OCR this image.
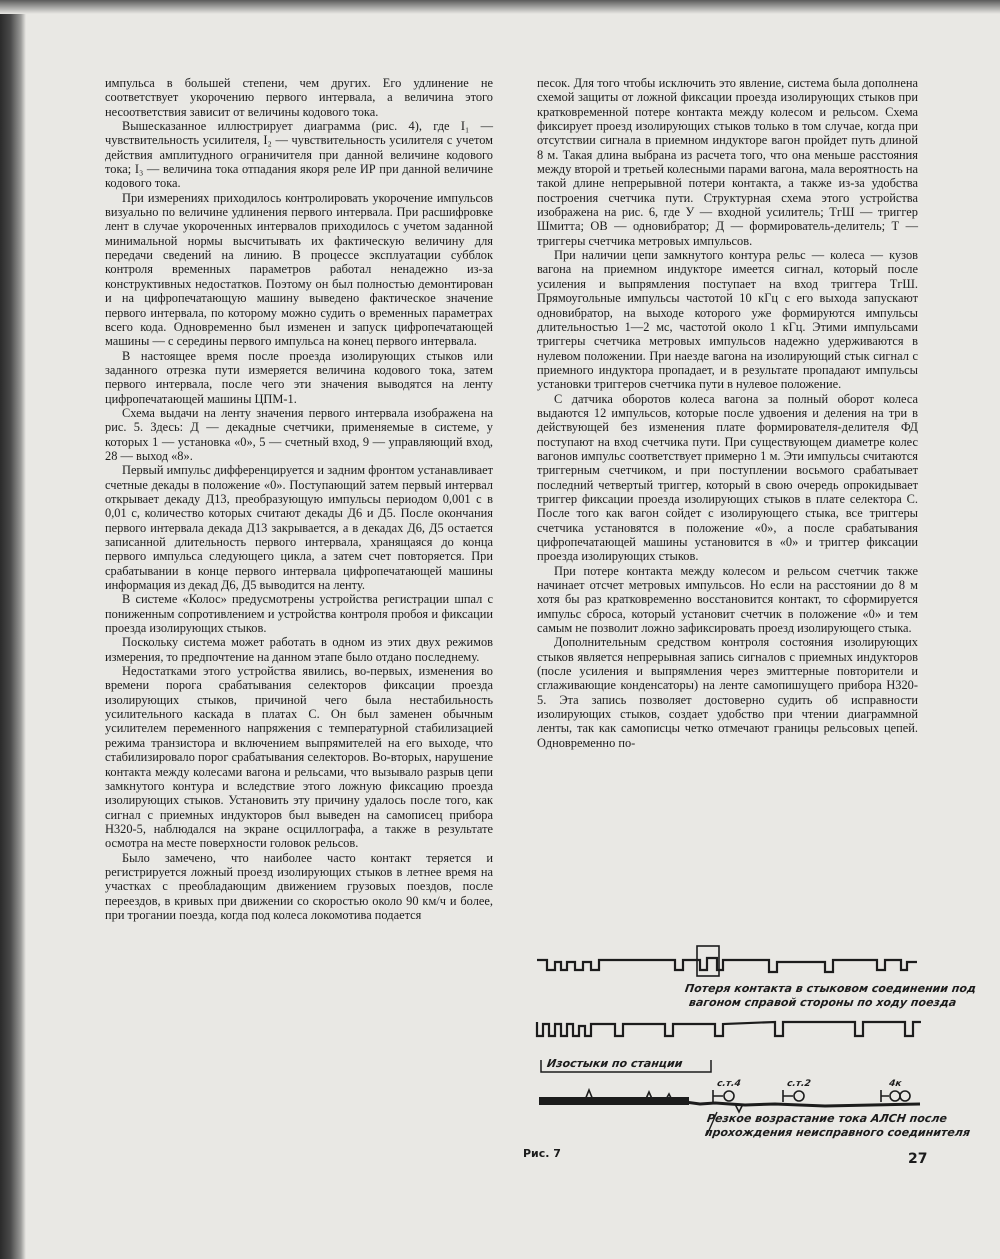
импульса в большей степени, чем других. Его удлинение не соответствует укорочению первого интервала, а величина этого несоответствия зависит от величины кодового тока.

Вышесказанное иллюстрирует диаграмма (рис. 4), где I₁ — чувствительность усилителя, I₂ — чувствительность усилителя с учетом действия амплитудного ограничителя при данной величине кодового тока; I₃ — величина тока отпадания якоря реле ИР при данной величине кодового тока.

При измерениях приходилось контролировать укорочение импульсов визуально по величине удлинения первого интервала. При расшифровке лент в случае укороченных интервалов приходилось с учетом заданной минимальной нормы высчитывать их фактическую величину для передачи сведений на линию. В процессе эксплуатации субблок контроля временных параметров работал ненадежно из-за конструктивных недостатков. Поэтому он был полностью демонтирован и на цифропечатающую машину выведено фактическое значение первого интервала, по которому можно судить о временных параметрах всего кода. Одновременно был изменен и запуск цифропечатающей машины — с середины первого импульса на конец первого интервала.

В настоящее время после проезда изолирующих стыков или заданного отрезка пути измеряется величина кодового тока, затем первого интервала, после чего эти значения выводятся на ленту цифропечатающей машины ЦПМ-1.

Схема выдачи на ленту значения первого интервала изображена на рис. 5. Здесь: Д — декадные счетчики, применяемые в системе, у которых 1 — установка «0», 5 — счетный вход, 9 — управляющий вход, 28 — выход «8».

Первый импульс дифференцируется и задним фронтом устанавливает счетные декады в положение «0». Поступающий затем первый интервал открывает декаду Д13, преобразующую импульсы периодом 0,001 с в 0,01 с, количество которых считают декады Д6 и Д5. После окончания первого интервала декада Д13 закрывается, а в декадах Д6, Д5 остается записанной длительность первого интервала, хранящаяся до конца первого импульса следующего цикла, а затем счет повторяется. При срабатывании в конце первого интервала цифропечатающей машины информация из декад Д6, Д5 выводится на ленту.

В системе «Колос» предусмотрены устройства регистрации шпал с пониженным сопротивлением и устройства контроля пробоя и фиксации проезда изолирующих стыков.

Поскольку система может работать в одном из этих двух режимов измерения, то предпочтение на данном этапе было отдано последнему.

Недостатками этого устройства явились, во-первых, изменения во времени порога срабатывания селекторов фиксации проезда изолирующих стыков, причиной чего была нестабильность усилительного каскада в платах С. Он был заменен обычным усилителем переменного напряжения с температурной стабилизацией режима транзистора и включением выпрямителей на его выходе, что стабилизировало порог срабатывания селекторов. Во-вторых, нарушение контакта между колесами вагона и рельсами, что вызывало разрыв цепи замкнутого контура и вследствие этого ложную фиксацию проезда изолирующих стыков. Установить эту причину удалось после того, как сигнал с приемных индукторов был выведен на самописец прибора Н320-5, наблюдался на экране осциллографа, а также в результате осмотра на месте поверхности головок рельсов.

Было замечено, что наиболее часто контакт теряется и регистрируется ложный проезд изолирующих стыков в летнее время на участках с преобладающим движением грузовых поездов, после переездов, в кривых при движении со скоростью около 90 км/ч и более, при трогании поезда, когда под колеса локомотива подается

песок. Для того чтобы исключить это явление, система была дополнена схемой защиты от ложной фиксации проезда изолирующих стыков при кратковременной потере контакта между колесом и рельсом. Схема фиксирует проезд изолирующих стыков только в том случае, когда при отсутствии сигнала в приемном индукторе вагон пройдет путь длиной 8 м. Такая длина выбрана из расчета того, что она меньше расстояния между второй и третьей колесными парами вагона, мала вероятность на такой длине непрерывной потери контакта, а также из-за удобства построения счетчика пути. Структурная схема этого устройства изображена на рис. 6, где У — входной усилитель; ТгШ — триггер Шмитта; ОВ — одновибратор; Д — формирователь-делитель; Т — триггеры счетчика метровых импульсов.

При наличии цепи замкнутого контура рельс — колеса — кузов вагона на приемном индукторе имеется сигнал, который после усиления и выпрямления поступает на вход триггера ТгШ. Прямоугольные импульсы частотой 10 кГц с его выхода запускают одновибратор, на выходе которого уже формируются импульсы длительностью 1—2 мс, частотой около 1 кГц. Этими импульсами триггеры счетчика метровых импульсов надежно удерживаются в нулевом положении. При наезде вагона на изолирующий стык сигнал с приемного индуктора пропадает, и в результате пропадают импульсы установки триггеров счетчика пути в нулевое положение.

С датчика оборотов колеса вагона за полный оборот колеса выдаются 12 импульсов, которые после удвоения и деления на три в действующей без изменения плате формирователя-делителя ФД поступают на вход счетчика пути. При существующем диаметре колес вагонов импульс соответствует примерно 1 м. Эти импульсы считаются триггерным счетчиком, и при поступлении восьмого срабатывает последний четвертый триггер, который в свою очередь опрокидывает триггер фиксации проезда изолирующих стыков в плате селектора С. После того как вагон сойдет с изолирующего стыка, все триггеры счетчика установятся в положение «0», а после срабатывания цифропечатающей машины установится в «0» и триггер фиксации проезда изолирующих стыков.

При потере контакта между колесом и рельсом счетчик также начинает отсчет метровых импульсов. Но если на расстоянии до 8 м хотя бы раз кратковременно восстановится контакт, то сформируется импульс сброса, который установит счетчик в положение «0» и тем самым не позволит ложно зафиксировать проезд изолирующего стыка.

Дополнительным средством контроля состояния изолирующих стыков является непрерывная запись сигналов с приемных индукторов (после усиления и выпрямления через эмиттерные повторители и сглаживающие конденсаторы) на ленте самопишущего прибора Н320-5. Эта запись позволяет достоверно судить об исправности изолирующих стыков, создает удобство при чтении диаграммной ленты, так как самописцы четко отмечают границы рельсовых цепей. Одновременно по-

Потеря контакта в стыковом соединении под
вагоном справой стороны по ходу поезда
Изостыки по станции
с.т.4	с.т.2	4к
Резкое возрастание тока АЛСН после
прохождения неисправного соединителя
Рис. 7	27
